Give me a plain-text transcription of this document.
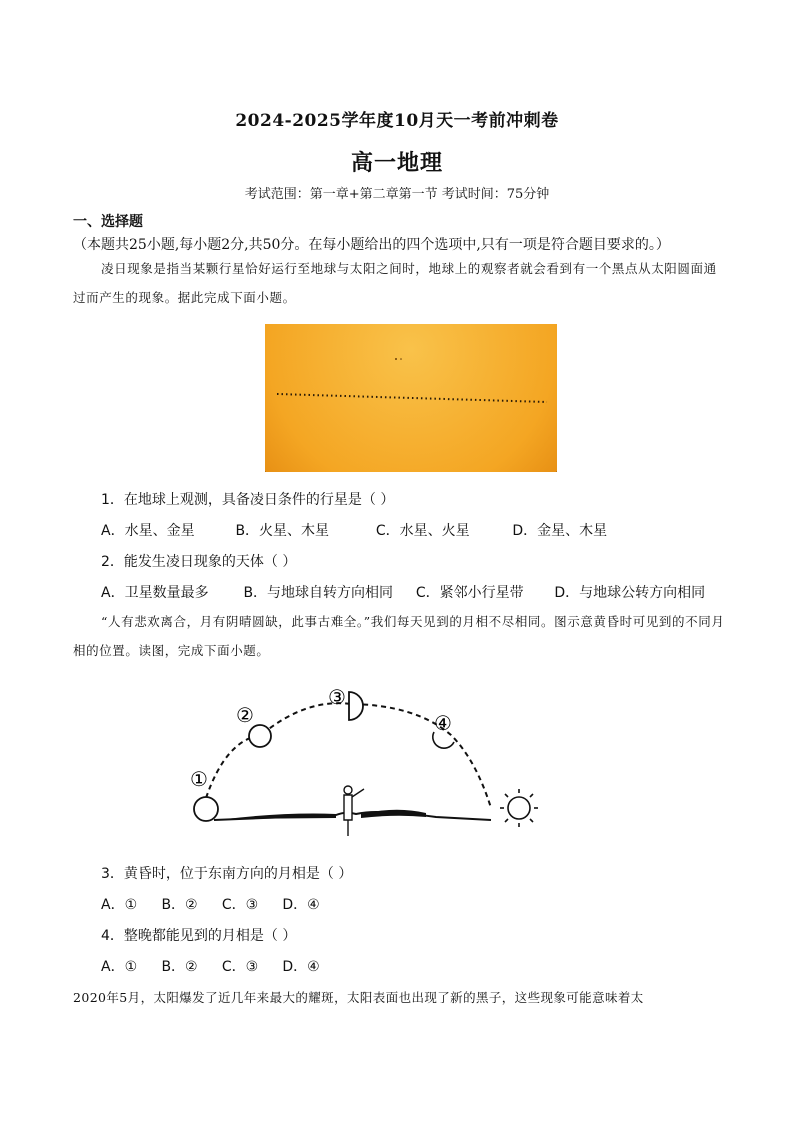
2024-2025学年度10月天一考前冲刺卷
高一地理
考试范围：第一章+第二章第一节 考试时间：75分钟
一、选择题（本题共25小题,每小题2分,共50分。在每小题给出的四个选项中,只有一项是符合题目要求的。）
凌日现象是指当某颗行星恰好运行至地球与太阳之间时，地球上的观察者就会看到有一个黑点从太阳圆面通过而产生的现象。据此完成下面小题。
1．在地球上观测，具备凌日条件的行星是（ ）
A．水星、金星	B．火星、木星	C．水星、火星	D．金星、木星
2．能发生凌日现象的天体（ ）
A．卫星数量最多 B．与地球自转方向相同 C．紧邻小行星带 D．与地球公转方向相同
“人有悲欢离合，月有阴晴圆缺，此事古难全。”我们每天见到的月相不尽相同。图示意黄昏时可见到的不同月相的位置。读图，完成下面小题。
①
②
③
④
3．黄昏时，位于东南方向的月相是（ ）
A．① B．② C．③ D．④
4．整晚都能见到的月相是（ ）
A．① B．② C．③ D．④
2020年5月，太阳爆发了近几年来最大的耀斑，太阳表面也出现了新的黑子，这些现象可能意味着太
